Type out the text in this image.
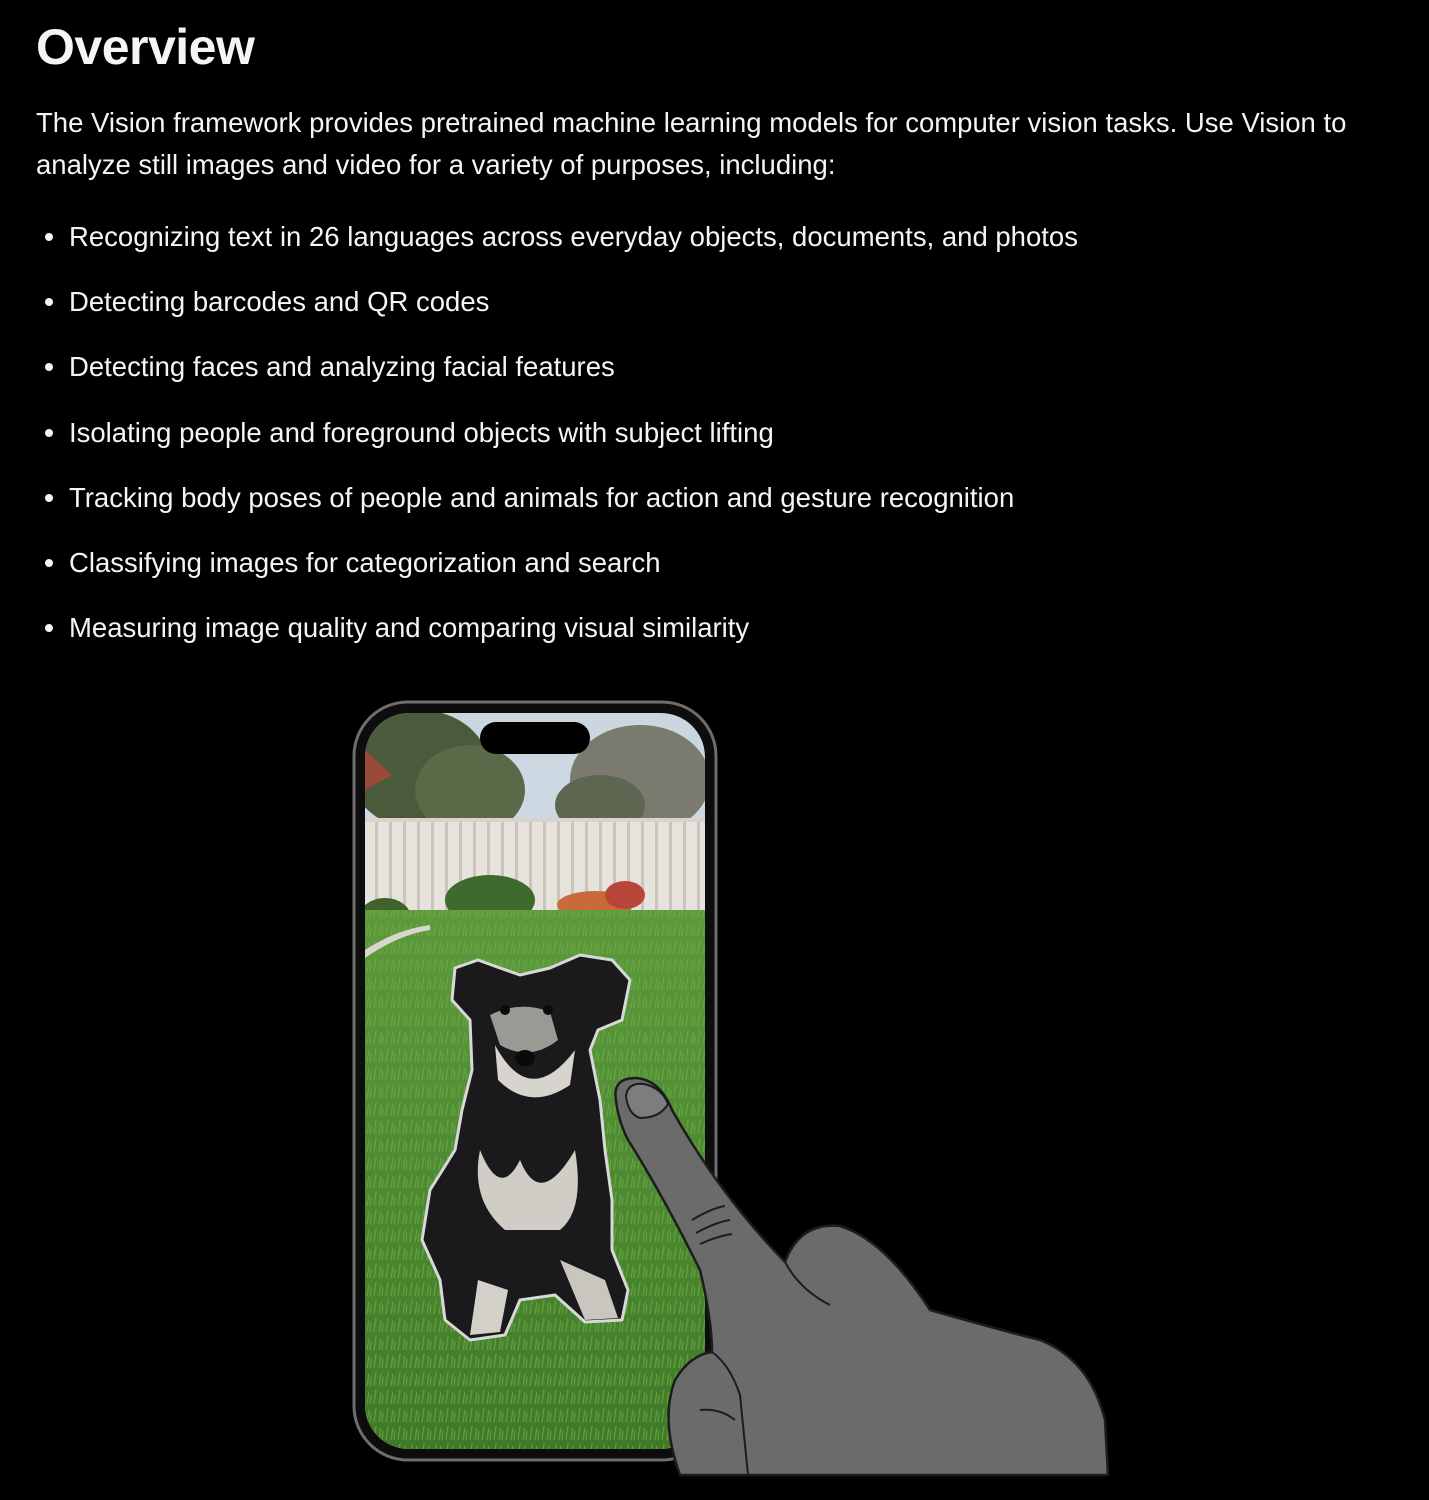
Overview

The Vision framework provides pretrained machine learning models for computer vision tasks. Use Vision to analyze still images and video for a variety of purposes, including:

Recognizing text in 26 languages across everyday objects, documents, and photos
Detecting barcodes and QR codes
Detecting faces and analyzing facial features
Isolating people and foreground objects with subject lifting
Tracking body poses of people and animals for action and gesture recognition
Classifying images for categorization and search
Measuring image quality and comparing visual similarity
